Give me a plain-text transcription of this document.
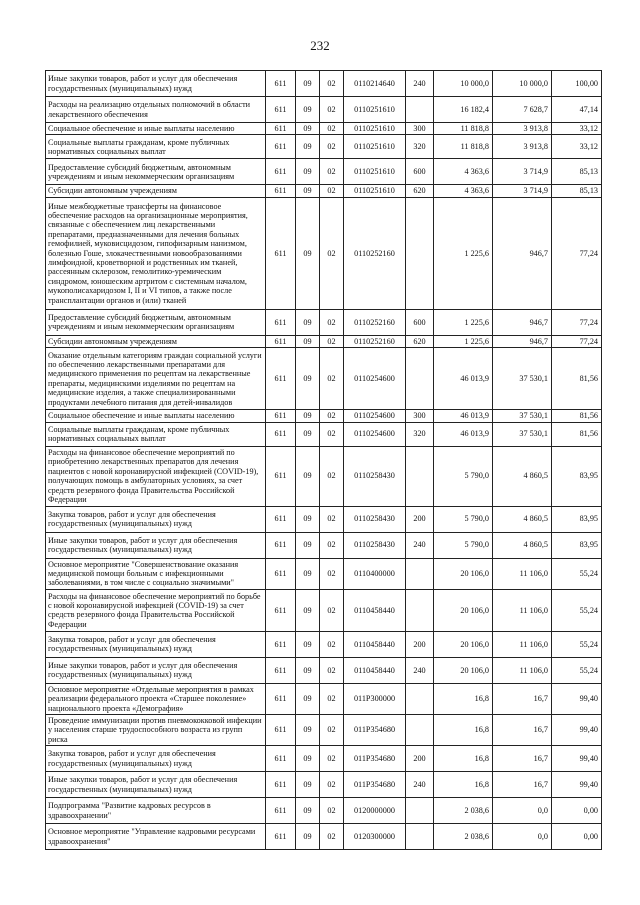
232
Иные закупки товаров, работ и услуг для обеспечения государственных (муниципальных) нужд	611	09	02	0110214640	240	10 000,0	10 000,0	100,00
Расходы на реализацию отдельных полномочий в области лекарственного обеспечения	611	09	02	0110251610		16 182,4	7 628,7	47,14
Социальное обеспечение и иные выплаты населению	611	09	02	0110251610	300	11 818,8	3 913,8	33,12
Социальные выплаты гражданам, кроме публичных нормативных социальных выплат	611	09	02	0110251610	320	11 818,8	3 913,8	33,12
Предоставление субсидий бюджетным, автономным учреждениям и иным некоммерческим организациям	611	09	02	0110251610	600	4 363,6	3 714,9	85,13
Субсидии автономным учреждениям	611	09	02	0110251610	620	4 363,6	3 714,9	85,13
Иные межбюджетные трансферты на финансовое обеспечение расходов на организационные мероприятия, связанные с обеспечением лиц лекарственными препаратами, предназначенными для лечения больных гемофилией, муковисцидозом, гипофизарным нанизмом, болезнью Гоше, злокачественными новообразованиями лимфоидной, кроветворной и родственных им тканей, рассеянным склерозом, гемолитико-уремическим синдромом, юношеским артритом с системным началом, мукополисахаридозом I, II и VI типов, а также после трансплантации органов и (или) тканей	611	09	02	0110252160		1 225,6	946,7	77,24
Предоставление субсидий бюджетным, автономным учреждениям и иным некоммерческим организациям	611	09	02	0110252160	600	1 225,6	946,7	77,24
Субсидии автономным учреждениям	611	09	02	0110252160	620	1 225,6	946,7	77,24
Оказание отдельным категориям граждан социальной услуги по обеспечению лекарственными препаратами для медицинского применения по рецептам на лекарственные препараты, медицинскими изделиями по рецептам на медицинские изделия, а также специализированными продуктами лечебного питания для детей-инвалидов	611	09	02	0110254600		46 013,9	37 530,1	81,56
Социальное обеспечение и иные выплаты населению	611	09	02	0110254600	300	46 013,9	37 530,1	81,56
Социальные выплаты гражданам, кроме публичных нормативных социальных выплат	611	09	02	0110254600	320	46 013,9	37 530,1	81,56
Расходы на финансовое обеспечение мероприятий по приобретению лекарственных препаратов для лечения пациентов с новой коронавирусной инфекцией (COVID-19), получающих помощь в амбулаторных условиях, за счет средств резервного фонда Правительства Российской Федерации	611	09	02	0110258430		5 790,0	4 860,5	83,95
Закупка товаров, работ и услуг для обеспечения государственных (муниципальных) нужд	611	09	02	0110258430	200	5 790,0	4 860,5	83,95
Иные закупки товаров, работ и услуг для обеспечения государственных (муниципальных) нужд	611	09	02	0110258430	240	5 790,0	4 860,5	83,95
Основное мероприятие "Совершенствование оказания медицинской помощи больным с инфекционными заболеваниями, в том числе с социально значимыми"	611	09	02	0110400000		20 106,0	11 106,0	55,24
Расходы на финансовое обеспечение мероприятий по борьбе с новой коронавирусной инфекцией (COVID-19) за счет средств резервного фонда Правительства Российской Федерации	611	09	02	0110458440		20 106,0	11 106,0	55,24
Закупка товаров, работ и услуг для обеспечения государственных (муниципальных) нужд	611	09	02	0110458440	200	20 106,0	11 106,0	55,24
Иные закупки товаров, работ и услуг для обеспечения государственных (муниципальных) нужд	611	09	02	0110458440	240	20 106,0	11 106,0	55,24
Основное мероприятие «Отдельные мероприятия в рамках реализации федерального проекта «Старшее поколение» национального проекта «Демография»	611	09	02	011P300000		16,8	16,7	99,40
Проведение иммунизации против пневмококковой инфекции у населения старше трудоспособного возраста из групп риска	611	09	02	011P354680		16,8	16,7	99,40
Закупка товаров, работ и услуг для обеспечения государственных (муниципальных) нужд	611	09	02	011P354680	200	16,8	16,7	99,40
Иные закупки товаров, работ и услуг для обеспечения государственных (муниципальных) нужд	611	09	02	011P354680	240	16,8	16,7	99,40
Подпрограмма "Развитие кадровых ресурсов в здравоохранении"	611	09	02	0120000000		2 038,6	0,0	0,00
Основное мероприятие "Управление кадровыми ресурсами здравоохранения"	611	09	02	0120300000		2 038,6	0,0	0,00
